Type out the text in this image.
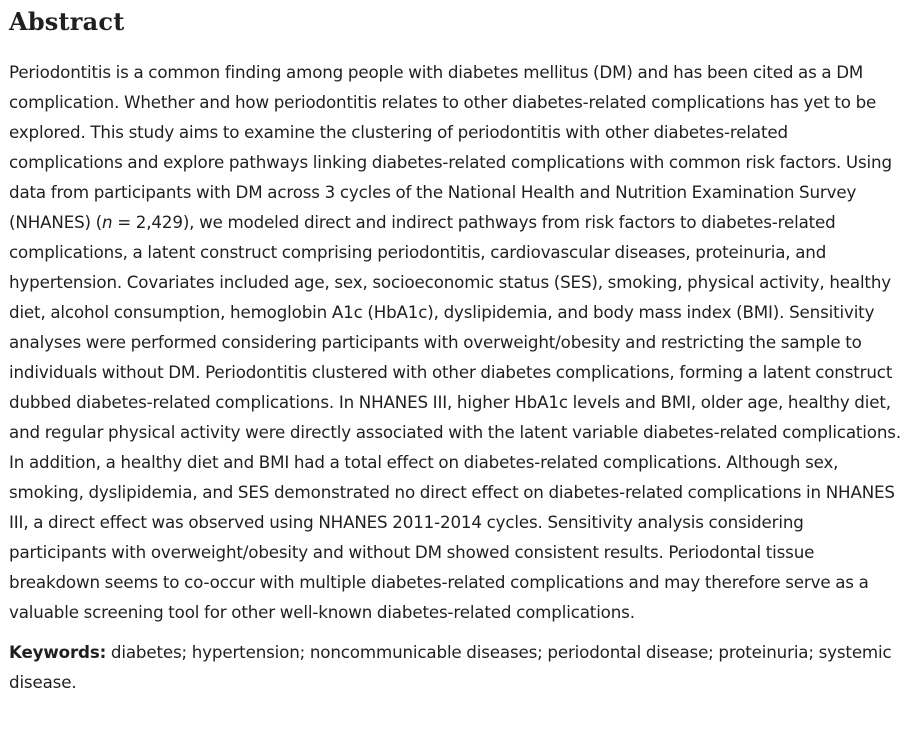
Abstract

Periodontitis is a common finding among people with diabetes mellitus (DM) and has been cited as a DM complication. Whether and how periodontitis relates to other diabetes-related complications has yet to be explored. This study aims to examine the clustering of periodontitis with other diabetes-related complications and explore pathways linking diabetes-related complications with common risk factors. Using data from participants with DM across 3 cycles of the National Health and Nutrition Examination Survey (NHANES) (n = 2,429), we modeled direct and indirect pathways from risk factors to diabetes-related complications, a latent construct comprising periodontitis, cardiovascular diseases, proteinuria, and hypertension. Covariates included age, sex, socioeconomic status (SES), smoking, physical activity, healthy diet, alcohol consumption, hemoglobin A1c (HbA1c), dyslipidemia, and body mass index (BMI). Sensitivity analyses were performed considering participants with overweight/obesity and restricting the sample to individuals without DM. Periodontitis clustered with other diabetes complications, forming a latent construct dubbed diabetes-related complications. In NHANES III, higher HbA1c levels and BMI, older age, healthy diet, and regular physical activity were directly associated with the latent variable diabetes-related complications. In addition, a healthy diet and BMI had a total effect on diabetes-related complications. Although sex, smoking, dyslipidemia, and SES demonstrated no direct effect on diabetes-related complications in NHANES III, a direct effect was observed using NHANES 2011-2014 cycles. Sensitivity analysis considering participants with overweight/obesity and without DM showed consistent results. Periodontal tissue breakdown seems to co-occur with multiple diabetes-related complications and may therefore serve as a valuable screening tool for other well-known diabetes-related complications.

Keywords: diabetes; hypertension; noncommunicable diseases; periodontal disease; proteinuria; systemic disease.
